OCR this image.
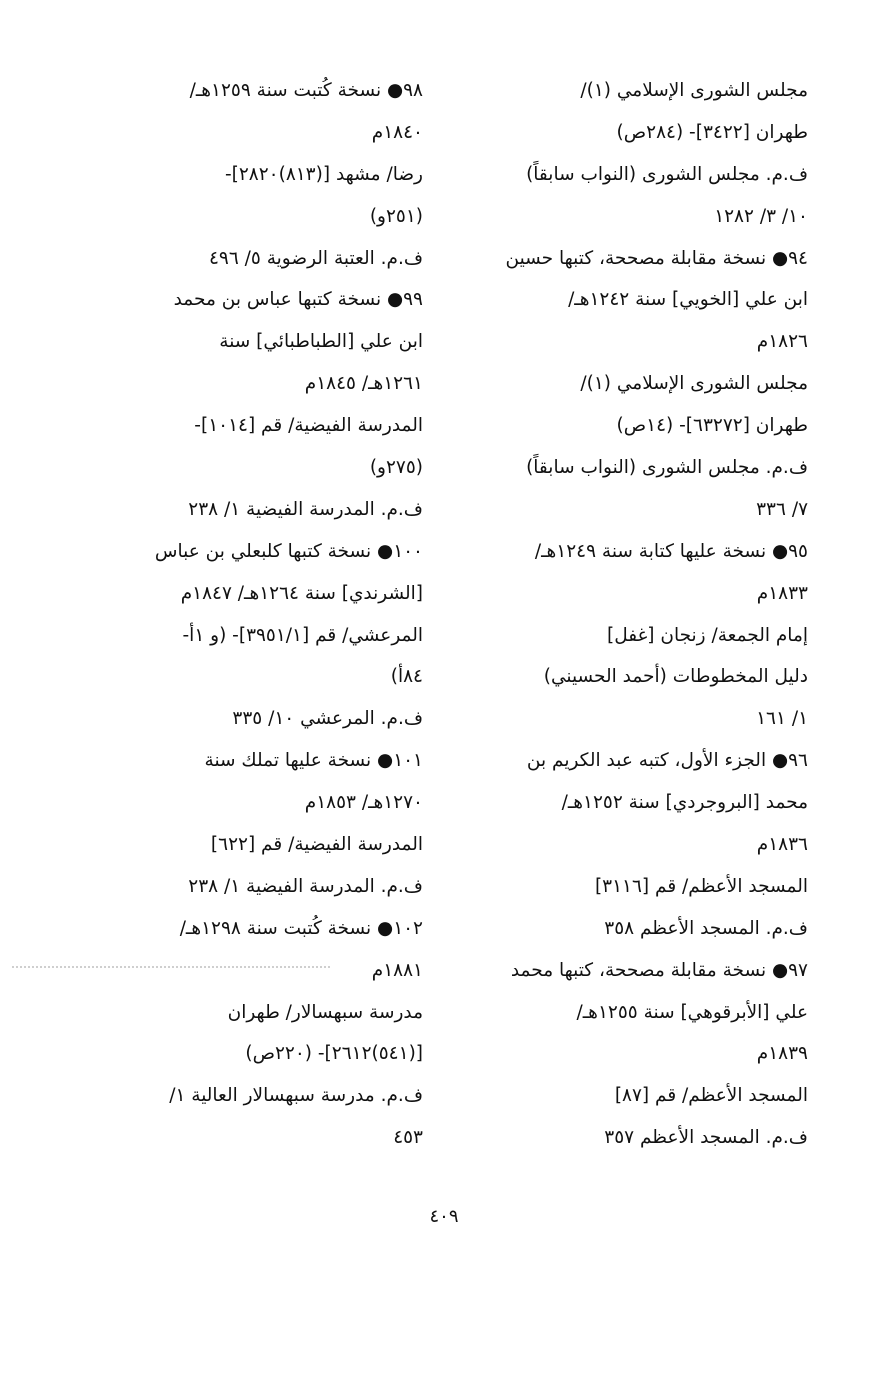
مجلس الشورى الإسلامي (١)/
طهران [٣٤٢٢]- (٢٨٤ص)
ف.م. مجلس الشورى (النواب سابقاً)
١٠/ ٣/ ١٢٨٢
٩٤● نسخة مقابلة مصححة، كتبها حسين
ابن علي [الخويي] سنة ١٢٤٢هـ/
١٨٢٦م
مجلس الشورى الإسلامي (١)/
طهران [٦٣٢٧٢]- (١٤ص)
ف.م. مجلس الشورى (النواب سابقاً)
٧/ ٣٣٦
٩٥● نسخة عليها كتابة سنة ١٢٤٩هـ/
١٨٣٣م
إمام الجمعة/ زنجان [غفل]
دليل المخطوطات (أحمد الحسيني)
١/ ١٦١
٩٦● الجزء الأول، كتبه عبد الكريم بن
محمد [البروجردي] سنة ١٢٥٢هـ/
١٨٣٦م
المسجد الأعظم/ قم [٣١١٦]
ف.م. المسجد الأعظم ٣٥٨
٩٧● نسخة مقابلة مصححة، كتبها محمد
علي [الأبرقوهي] سنة ١٢٥٥هـ/
١٨٣٩م
المسجد الأعظم/ قم [٨٧]
ف.م. المسجد الأعظم ٣٥٧
٩٨● نسخة كُتبت سنة ١٢٥٩هـ/
١٨٤٠م
رضا/ مشهد [(٨١٣)٢٨٢٠]-
(٢٥١و)
ف.م. العتبة الرضوية ٥/ ٤٩٦
٩٩● نسخة كتبها عباس بن محمد
ابن علي [الطباطبائي] سنة
١٢٦١هـ/ ١٨٤٥م
المدرسة الفيضية/ قم [١٠١٤]-
(٢٧٥و)
ف.م. المدرسة الفيضية ١/ ٢٣٨
١٠٠● نسخة كتبها كلبعلي بن عباس
[الشرندي] سنة ١٢٦٤هـ/ ١٨٤٧م
المرعشي/ قم [٣٩٥١/١]- (و ١أ-
٨٤أ)
ف.م. المرعشي ١٠/ ٣٣٥
١٠١● نسخة عليها تملك سنة
١٢٧٠هـ/ ١٨٥٣م
المدرسة الفيضية/ قم [٦٢٢]
ف.م. المدرسة الفيضية ١/ ٢٣٨
١٠٢● نسخة كُتبت سنة ١٢٩٨هـ/
١٨٨١م
مدرسة سبهسالار/ طهران
[(٥٤١)٢٦١٢]- (٢٢٠ص)
ف.م. مدرسة سبهسالار العالية ١/
٤٥٣
٤٠٩
